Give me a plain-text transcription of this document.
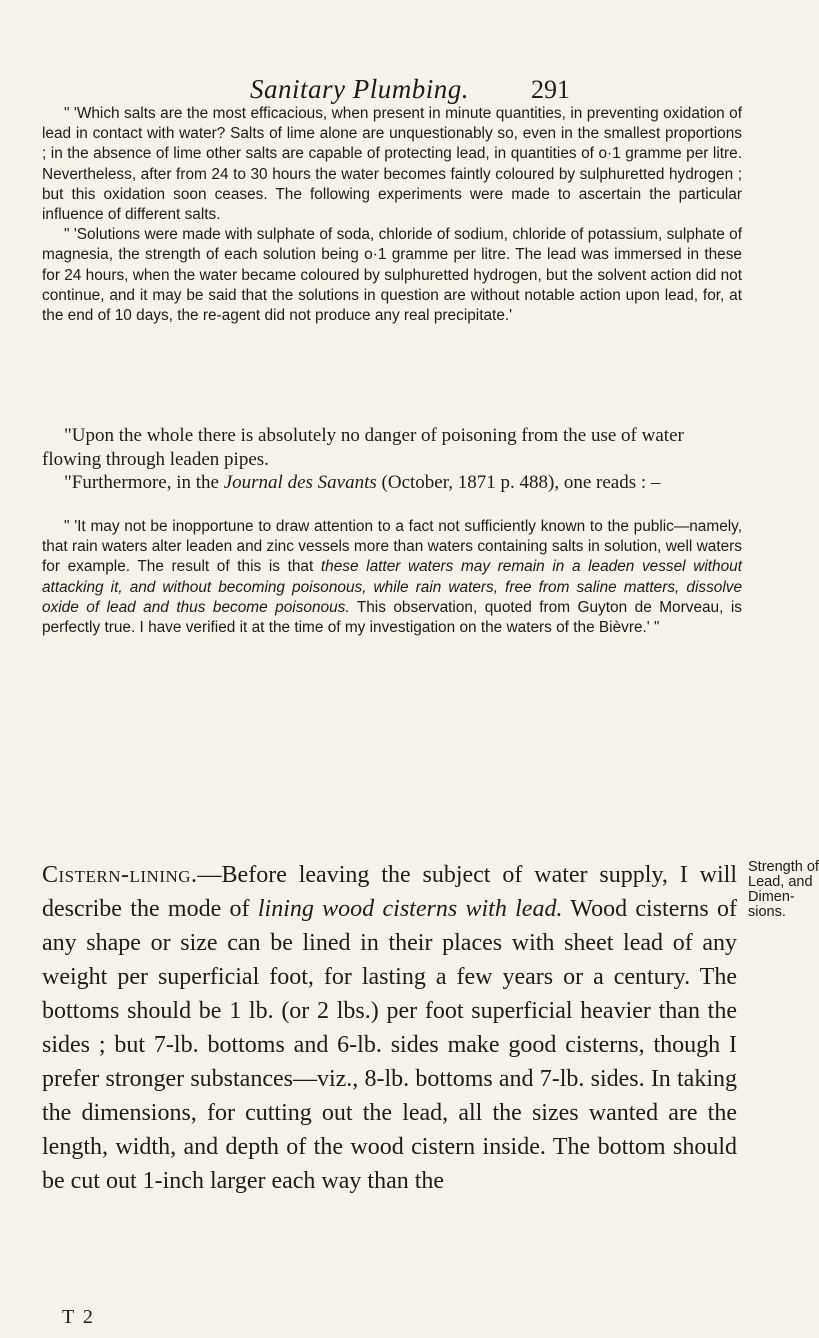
Sanitary Plumbing. 291

" 'Which salts are the most efficacious, when present in minute quantities, in preventing oxidation of lead in contact with water? Salts of lime alone are unquestionably so, even in the smallest proportions ; in the absence of lime other salts are capable of protecting lead, in quantities of o·1 gramme per litre. Nevertheless, after from 24 to 30 hours the water becomes faintly coloured by sulphuretted hydrogen ; but this oxidation soon ceases. The following experiments were made to ascertain the particular influence of different salts.

" 'Solutions were made with sulphate of soda, chloride of sodium, chloride of potassium, sulphate of magnesia, the strength of each solution being o·1 gramme per litre. The lead was immersed in these for 24 hours, when the water became coloured by sulphuretted hydrogen, but the solvent action did not continue, and it may be said that the solutions in question are without notable action upon lead, for, at the end of 10 days, the re-agent did not produce any real precipitate.'

"Upon the whole there is absolutely no danger of poisoning from the use of water flowing through leaden pipes.

"Furthermore, in the Journal des Savants (October, 1871 p. 488), one reads : –

" 'It may not be inopportune to draw attention to a fact not sufficiently known to the public—namely, that rain waters alter leaden and zinc vessels more than waters containing salts in solution, well waters for example. The result of this is that these latter waters may remain in a leaden vessel without attacking it, and without becoming poisonous, while rain waters, free from saline matters, dissolve oxide of lead and thus become poisonous. This observation, quoted from Guyton de Morveau, is perfectly true. I have verified it at the time of my investigation on the waters of the Bièvre.' "

Cistern-lining.—Before leaving the subject of water supply, I will describe the mode of lining wood cisterns with lead. Wood cisterns of any shape or size can be lined in their places with sheet lead of any weight per superficial foot, for lasting a few years or a century. The bottoms should be 1 lb. (or 2 lbs.) per foot superficial heavier than the sides ; but 7-lb. bottoms and 6-lb. sides make good cisterns, though I prefer stronger substances—viz., 8-lb. bottoms and 7-lb. sides. In taking the dimensions, for cutting out the lead, all the sizes wanted are the length, width, and depth of the wood cistern inside. The bottom should be cut out 1-inch larger each way than the

Strength of
Lead, and
Dimen-
sions.
T 2
